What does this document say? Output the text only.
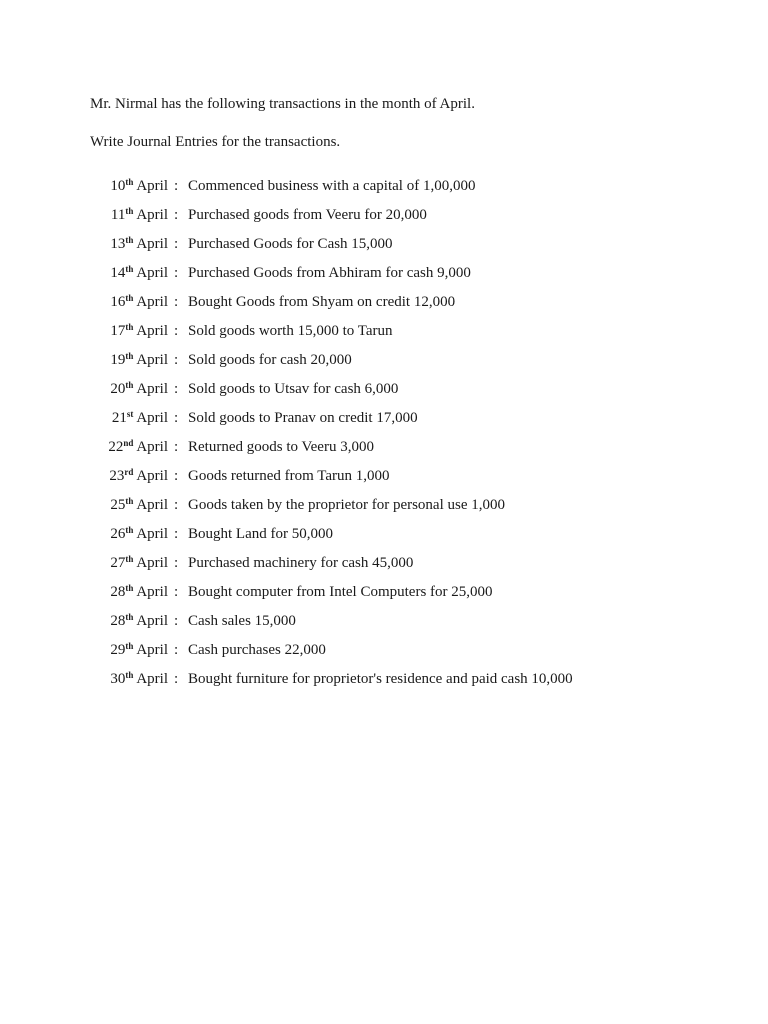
Mr. Nirmal has the following transactions in the month of April.
Write Journal Entries for the transactions.
10th April : Commenced business with a capital of 1,00,000
11th April : Purchased goods from Veeru for 20,000
13th April : Purchased Goods for Cash 15,000
14th April : Purchased Goods from Abhiram for cash 9,000
16th April : Bought Goods from Shyam on credit 12,000
17th April : Sold goods worth 15,000 to Tarun
19th April : Sold goods for cash 20,000
20th April : Sold goods to Utsav for cash 6,000
21st April : Sold goods to Pranav on credit 17,000
22nd April : Returned goods to Veeru 3,000
23rd April : Goods returned from Tarun 1,000
25th April : Goods taken by the proprietor for personal use 1,000
26th April : Bought Land for 50,000
27th April : Purchased machinery for cash 45,000
28th April : Bought computer from Intel Computers for 25,000
28th April : Cash sales 15,000
29th April : Cash purchases 22,000
30th April : Bought furniture for proprietor's residence and paid cash 10,000
